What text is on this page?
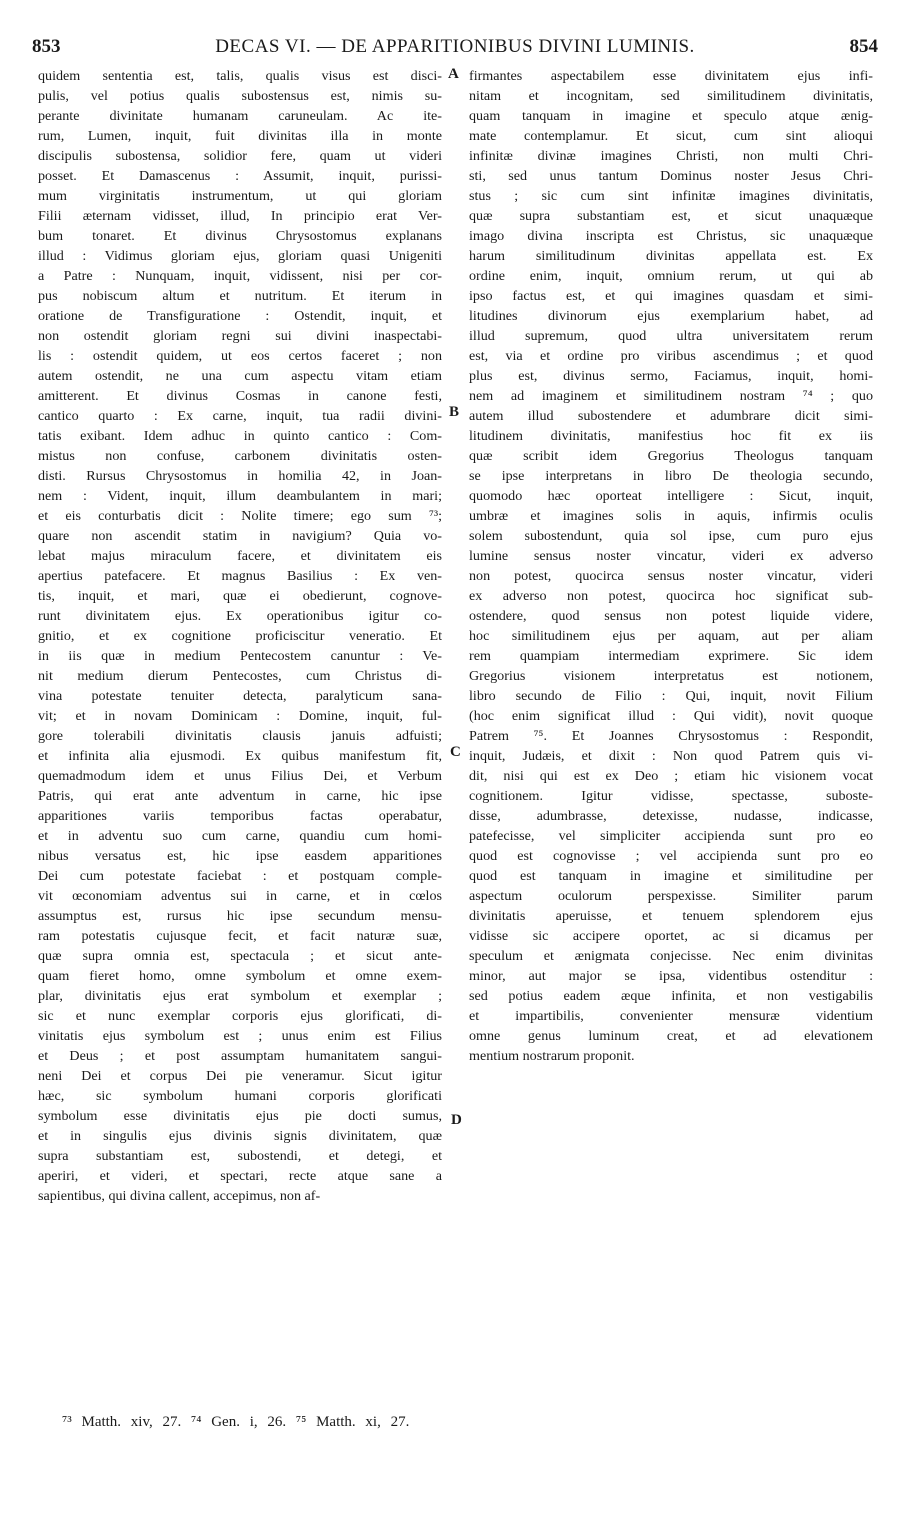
853	DECAS VI. — DE APPARITIONIBUS DIVINI LUMINIS.	854
quidem sententia est, talis, qualis visus est disci-
pulis, vel potius qualis subostensus est, nimis su-
perante divinitate humanam caruneulam. Ac ite-
rum, Lumen, inquit, fuit divinitas illa in monte
discipulis subostensa, solidior fere, quam ut videri
posset. Et Damascenus : Assumit, inquit, purissi-
mum virginitatis instrumentum, ut qui gloriam
Filii æternam vidisset, illud, In principio erat Ver-
bum tonaret. Et divinus Chrysostomus explanans
illud : Vidimus gloriam ejus, gloriam quasi Unigeniti
a Patre : Nunquam, inquit, vidissent, nisi per cor-
pus nobiscum altum et nutritum. Et iterum in
oratione de Transfiguratione : Ostendit, inquit, et
non ostendit gloriam regni sui divini inaspectabi-
lis : ostendit quidem, ut eos certos faceret ; non
autem ostendit, ne una cum aspectu vitam etiam
amitterent. Et divinus Cosmas in canone festi,
cantico quarto : Ex carne, inquit, tua radii divini-
tatis exibant. Idem adhuc in quinto cantico : Com-
mistus non confuse, carbonem divinitatis osten-
disti. Rursus Chrysostomus in homilia 42, in Joan-
nem : Vident, inquit, illum deambulantem in mari;
et eis conturbatis dicit : Nolite timere; ego sum ⁷³;
quare non ascendit statim in navigium? Quia vo-
lebat majus miraculum facere, et divinitatem eis
apertius patefacere. Et magnus Basilius : Ex ven-
tis, inquit, et mari, quæ ei obedierunt, cognove-
runt divinitatem ejus. Ex operationibus igitur co-
gnitio, et ex cognitione proficiscitur veneratio. Et
in iis quæ in medium Pentecostem canuntur : Ve-
nit medium dierum Pentecostes, cum Christus di-
vina potestate tenuiter detecta, paralyticum sana-
vit; et in novam Dominicam : Domine, inquit, ful-
gore tolerabili divinitatis clausis januis adfuisti;
et infinita alia ejusmodi. Ex quibus manifestum fit,
quemadmodum idem et unus Filius Dei, et Verbum
Patris, qui erat ante adventum in carne, hic ipse
apparitiones variis temporibus factas operabatur,
et in adventu suo cum carne, quandiu cum homi-
nibus versatus est, hic ipse easdem apparitiones
Dei cum potestate faciebat : et postquam comple-
vit œconomiam adventus sui in carne, et in cœlos
assumptus est, rursus hic ipse secundum mensu-
ram potestatis cujusque fecit, et facit naturæ suæ,
quæ supra omnia est, spectacula ; et sicut ante-
quam fieret homo, omne symbolum et omne exem-
plar, divinitatis ejus erat symbolum et exemplar ;
sic et nunc exemplar corporis ejus glorificati, di-
vinitatis ejus symbolum est ; unus enim est Filius
et Deus ; et post assumptam humanitatem sangui-
neni Dei et corpus Dei pie veneramur. Sicut igitur
hæc, sic symbolum humani corporis glorificati
symbolum esse divinitatis ejus pie docti sumus,
et in singulis ejus divinis signis divinitatem, quæ
supra substantiam est, subostendi, et detegi, et
aperiri, et videri, et spectari, recte atque sane a
sapientibus, qui divina callent, accepimus, non af-
firmantes aspectabilem esse divinitatem ejus infi-
nitam et incognitam, sed similitudinem divinitatis,
quam tanquam in imagine et speculo atque ænig-
mate contemplamur. Et sicut, cum sint alioqui
infinitæ divinæ imagines Christi, non multi Chri-
sti, sed unus tantum Dominus noster Jesus Chri-
stus ; sic cum sint infinitæ imagines divinitatis,
quæ supra substantiam est, et sicut unaquæque
imago divina inscripta est Christus, sic unaquæque
harum similitudinum divinitas appellata est. Ex
ordine enim, inquit, omnium rerum, ut qui ab
ipso factus est, et qui imagines quasdam et simi-
litudines divinorum ejus exemplarium habet, ad
illud supremum, quod ultra universitatem rerum
est, via et ordine pro viribus ascendimus ; et quod
plus est, divinus sermo, Faciamus, inquit, homi-
nem ad imaginem et similitudinem nostram ⁷⁴ ; quo
autem illud subostendere et adumbrare dicit simi-
litudinem divinitatis, manifestius hoc fit ex iis
quæ scribit idem Gregorius Theologus tanquam
se ipse interpretans in libro De theologia secundo,
quomodo hæc oporteat intelligere : Sicut, inquit,
umbræ et imagines solis in aquis, infirmis oculis
solem subostendunt, quia sol ipse, cum puro ejus
lumine sensus noster vincatur, videri ex adverso
non potest, quocirca sensus noster vincatur, videri
ex adverso non potest, quocirca hoc significat sub-
ostendere, quod sensus non potest liquide videre,
hoc similitudinem ejus per aquam, aut per aliam
rem quampiam intermediam exprimere. Sic idem
Gregorius visionem interpretatus est notionem,
libro secundo de Filio : Qui, inquit, novit Filium
(hoc enim significat illud : Qui vidit), novit quoque
Patrem ⁷⁵. Et Joannes Chrysostomus : Respondit,
inquit, Judæis, et dixit : Non quod Patrem quis vi-
dit, nisi qui est ex Deo ; etiam hic visionem vocat
cognitionem. Igitur vidisse, spectasse, suboste-
disse, adumbrasse, detexisse, nudasse, indicasse,
patefecisse, vel simpliciter accipienda sunt pro eo
quod est cognovisse ; vel accipienda sunt pro eo
quod est tanquam in imagine et similitudine per
aspectum oculorum perspexisse. Similiter parum
divinitatis aperuisse, et tenuem splendorem ejus
vidisse sic accipere oportet, ac si dicamus per
speculum et ænigmata conjecisse. Nec enim divinitas
minor, aut major se ipsa, videntibus ostenditur :
sed potius eadem æque infinita, et non vestigabilis
et impartibilis, convenienter mensuræ videntium
omne genus luminum creat, et ad elevationem
mentium nostrarum proponit.
A
B
C
D
⁷³ Matth. xiv, 27. ⁷⁴ Gen. i, 26. ⁷⁵ Matth. xi, 27.
